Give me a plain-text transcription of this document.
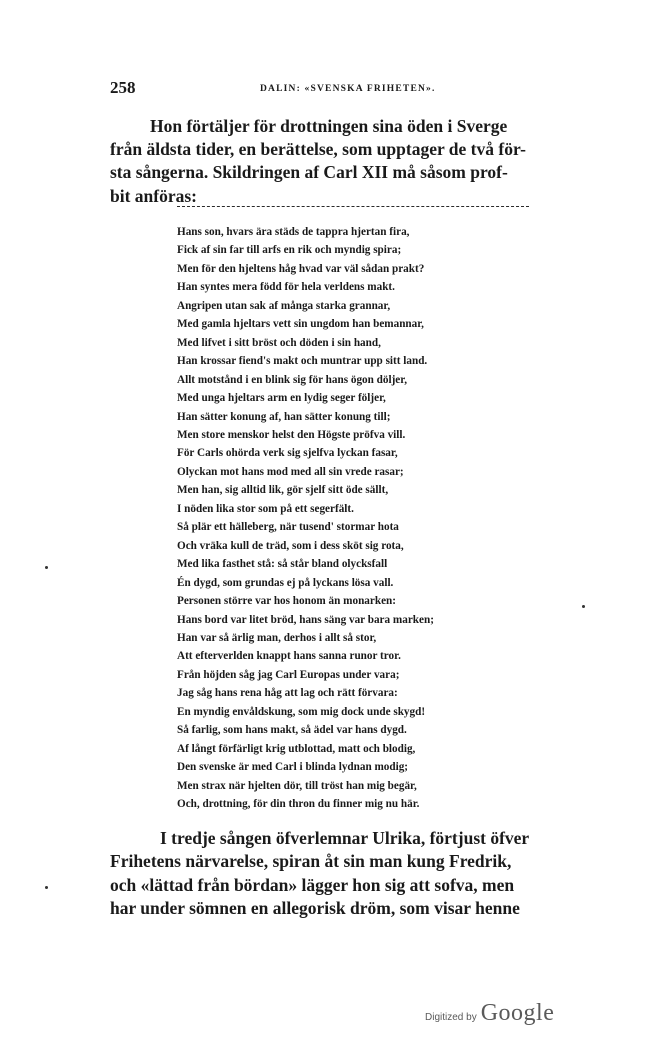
258	DALIN: «SVENSKA FRIHETEN».
Hon förtäljer för drottningen sina öden i Sverge
från äldsta tider, en berättelse, som upptager de två för-
sta sångerna. Skildringen af Carl XII må såsom prof-
bit anföras:
Hans son, hvars ära städs de tappra hjertan fira,
Fick af sin far till arfs en rik och myndig spira;
Men för den hjeltens håg hvad var väl sådan prakt?
Han syntes mera född för hela verldens makt.
Angripen utan sak af många starka grannar,
Med gamla hjeltars vett sin ungdom han bemannar,
Med lifvet i sitt bröst och döden i sin hand,
Han krossar fiend's makt och muntrar upp sitt land.
Allt motstånd i en blink sig för hans ögon döljer,
Med unga hjeltars arm en lydig seger följer,
Han sätter konung af, han sätter konung till;
Men store menskor helst den Högste pröfva vill.
För Carls ohörda verk sig sjelfva lyckan fasar,
Olyckan mot hans mod med all sin vrede rasar;
Men han, sig alltid lik, gör sjelf sitt öde sällt,
I nöden lika stor som på ett segerfält.
Så plär ett hälleberg, när tusend' stormar hota
Och vräka kull de träd, som i dess sköt sig rota,
Med lika fasthet stå: så står bland olycksfall
Én dygd, som grundas ej på lyckans lösa vall.
Personen större var hos honom än monarken:
Hans bord var litet bröd, hans säng var bara marken;
Han var så ärlig man, derhos i allt så stor,
Att efterverlden knappt hans sanna runor tror.
Från höjden såg jag Carl Europas under vara;
Jag såg hans rena håg att lag och rätt förvara:
En myndig envåldskung, som mig dock unde skygd!
Så farlig, som hans makt, så ädel var hans dygd.
Af långt förfärligt krig utblottad, matt och blodig,
Den svenske är med Carl i blinda lydnan modig;
Men strax när hjelten dör, till tröst han mig begär,
Och, drottning, för din thron du finner mig nu här.
I tredje sången öfverlemnar Ulrika, förtjust öfver
Frihetens närvarelse, spiran åt sin man kung Fredrik,
och «lättad från bördan» lägger hon sig att sofva, men
har under sömnen en allegorisk dröm, som visar henne
Digitized by Google
